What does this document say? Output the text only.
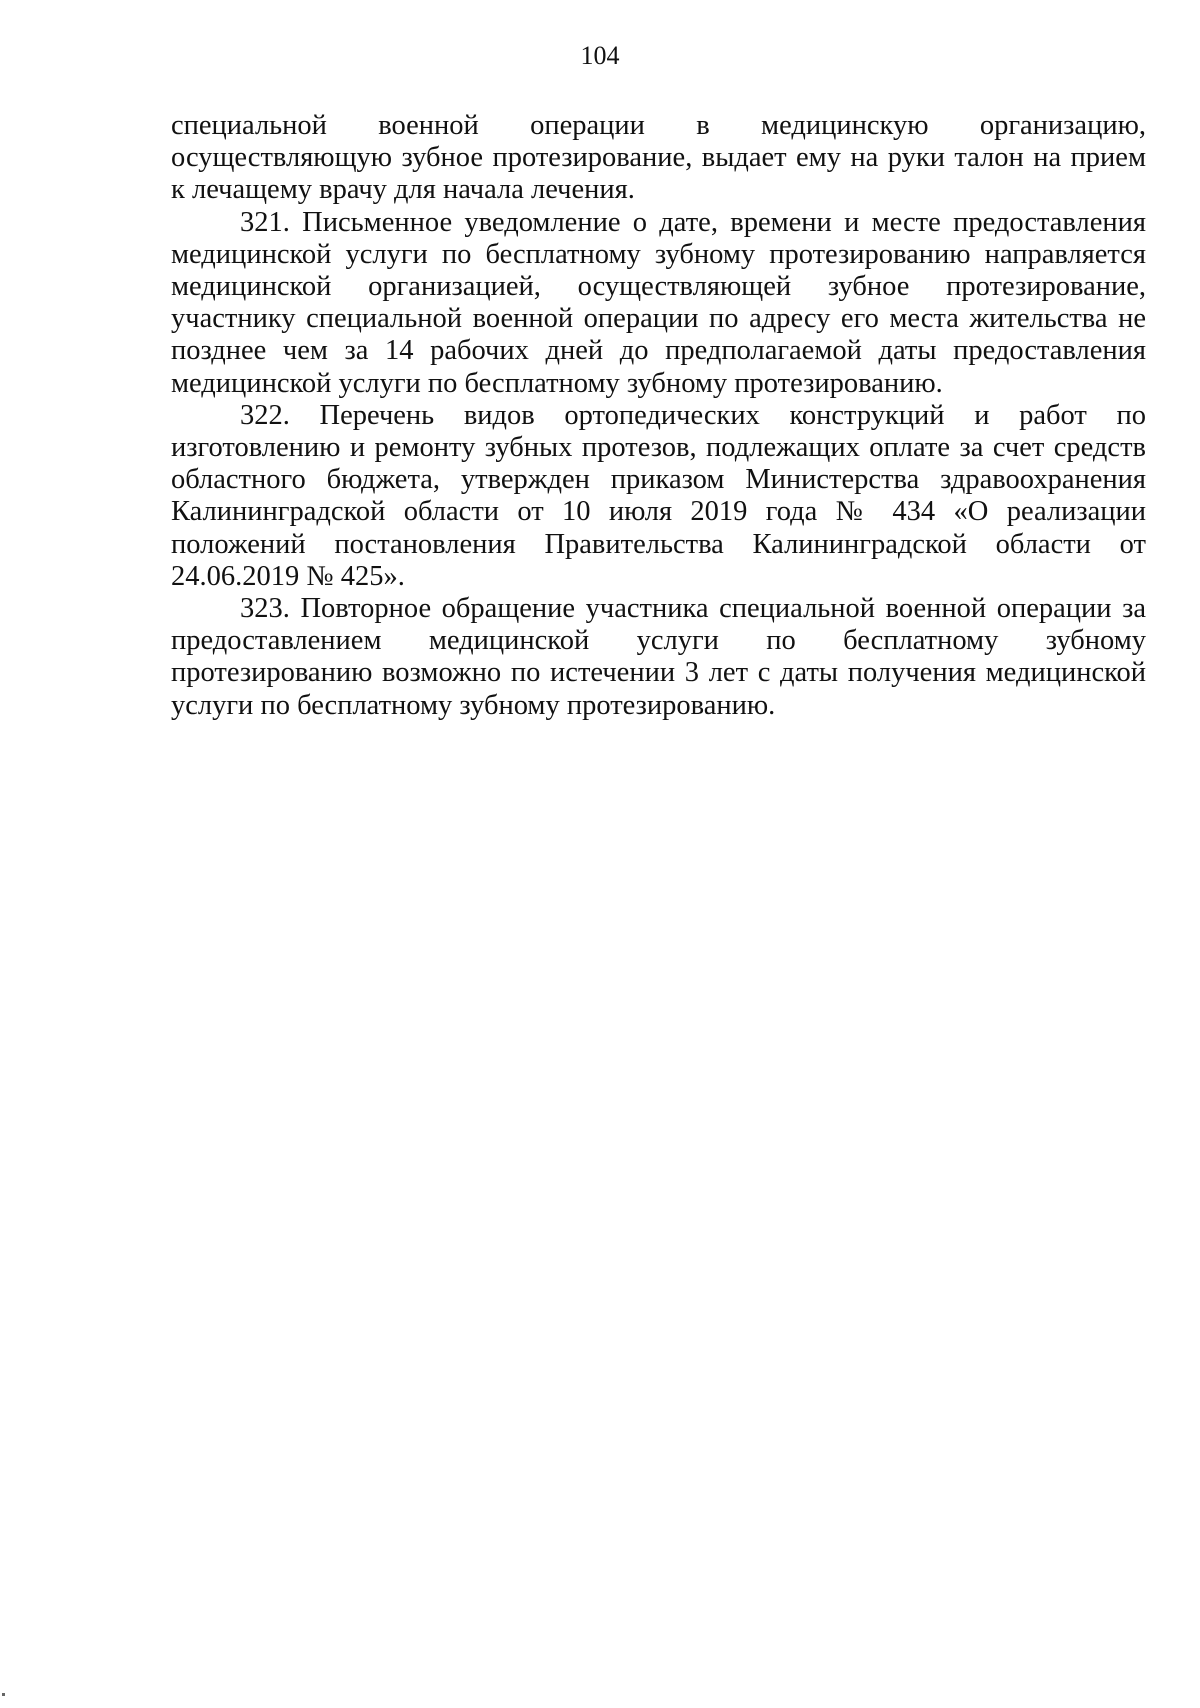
104

специальной военной операции в медицинскую организацию, осуществляющую зубное протезирование, выдает ему на руки талон на прием к лечащему врачу для начала лечения.

321. Письменное уведомление о дате, времени и месте предоставления медицинской услуги по бесплатному зубному протезированию направляется медицинской организацией, осуществляющей зубное протезирование, участнику специальной военной операции по адресу его места жительства не позднее чем за 14 рабочих дней до предполагаемой даты предоставления медицинской услуги по бесплатному зубному протезированию.

322. Перечень видов ортопедических конструкций и работ по изготовлению и ремонту зубных протезов, подлежащих оплате за счет средств областного бюджета, утвержден приказом Министерства здравоохранения Калининградской области от 10 июля 2019 года № 434 «О реализации положений постановления Правительства Калининградской области от 24.06.2019 № 425».

323. Повторное обращение участника специальной военной операции за предоставлением медицинской услуги по бесплатному зубному протезированию возможно по истечении 3 лет с даты получения медицинской услуги по бесплатному зубному протезированию.
